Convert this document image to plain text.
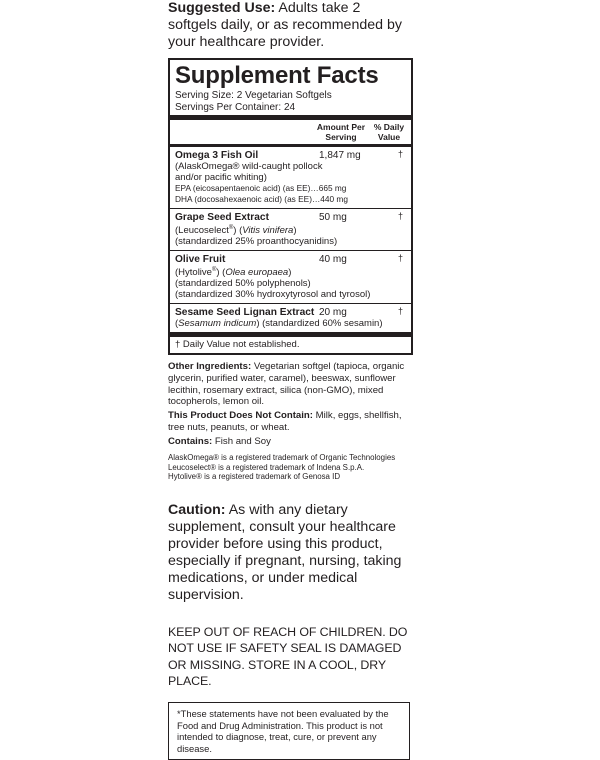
Suggested Use: Adults take 2 softgels daily, or as recommended by your healthcare provider.
Supplement Facts
Serving Size: 2 Vegetarian Softgels
Servings Per Container: 24
Amount Per
Serving
% Daily
Value
Omega 3 Fish Oil	1,847 mg	†
(AlaskOmega® wild-caught pollock
and/or pacific whiting)
EPA (eicosapentaenoic acid) (as EE)…665 mg
DHA (docosahexaenoic acid) (as EE)…440 mg
Grape Seed Extract	50 mg	†
(Leucoselect®) (Vitis vinifera)
(standardized 25% proanthocyanidins)
Olive Fruit	40 mg	†
(Hytolive®) (Olea europaea)
(standardized 50% polyphenols)
(standardized 30% hydroxytyrosol and tyrosol)
Sesame Seed Lignan Extract 20 mg	†
(Sesamum indicum) (standardized 60% sesamin)
† Daily Value not established.

Other Ingredients: Vegetarian softgel (tapioca, organic glycerin, purified water, caramel), beeswax, sunflower lecithin, rosemary extract, silica (non-GMO), mixed tocopherols, lemon oil.

This Product Does Not Contain: Milk, eggs, shellfish, tree nuts, peanuts, or wheat.

Contains: Fish and Soy

AlaskOmega® is a registered trademark of Organic Technologies

Leucoselect® is a registered trademark of Indena S.p.A.

Hytolive® is a registered trademark of Genosa ID

Caution: As with any dietary supplement, consult your healthcare provider before using this product, especially if pregnant, nursing, taking medications, or under medical supervision.
KEEP OUT OF REACH OF CHILDREN. DO NOT USE IF SAFETY SEAL IS DAMAGED OR MISSING. STORE IN A COOL, DRY PLACE.
*These statements have not been evaluated by the Food and Drug Administration. This product is not intended to diagnose, treat, cure, or prevent any disease.
